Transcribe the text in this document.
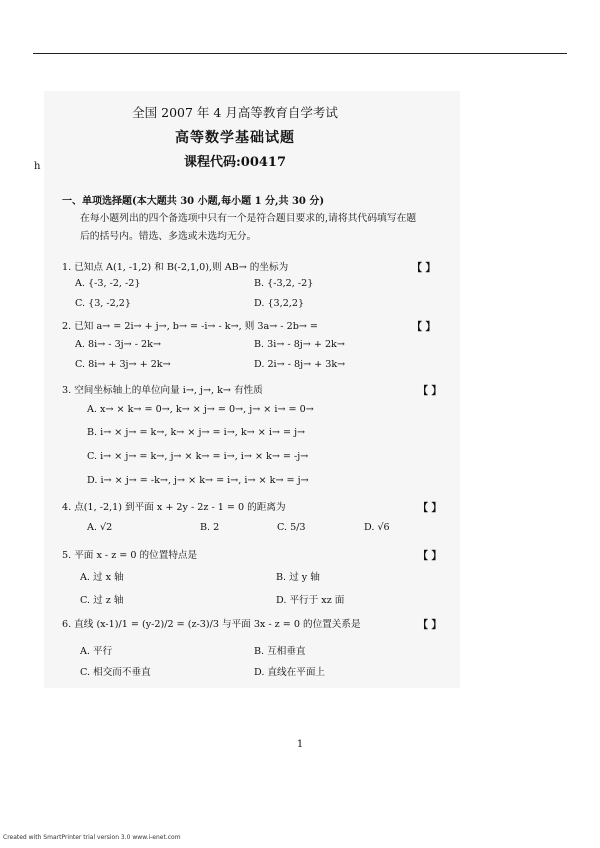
全国 2007 年 4 月高等教育自学考试
高等数学基础试题
课程代码:00417
h
一、单项选择题(本大题共 30 小题,每小题 1 分,共 30 分)
在每小题列出的四个备选项中只有一个是符合题目要求的,请将其代码填写在题
后的括号内。错选、多选或未选均无分。
1. 已知点 A(1, -1,2) 和 B(-2,1,0),则 AB→ 的坐标为	【 】
A. {-3, -2, -2}	B. {-3,2, -2}
C. {3, -2,2}	D. {3,2,2}
2. 已知 a→ = 2i→ + j→, b→ = -i→ - k→, 则 3a→ - 2b→ =	【 】
A. 8i→ - 3j→ - 2k→	B. 3i→ - 8j→ + 2k→
C. 8i→ + 3j→ + 2k→	D. 2i→ - 8j→ + 3k→
3. 空间坐标轴上的单位向量 i→, j→, k→ 有性质	【 】
A. x→ × k→ = 0→, k→ × j→ = 0→, j→ × i→ = 0→
B. i→ × j→ = k→, k→ × j→ = i→, k→ × i→ = j→
C. i→ × j→ = k→, j→ × k→ = i→, i→ × k→ = -j→
D. i→ × j→ = -k→, j→ × k→ = i→, i→ × k→ = j→
4. 点(1, -2,1) 到平面 x + 2y - 2z - 1 = 0 的距离为	【 】
A. √2	B. 2	C. 5/3	D. √6
5. 平面 x - z = 0 的位置特点是	【 】
A. 过 x 轴	B. 过 y 轴
C. 过 z 轴	D. 平行于 xz 面
6. 直线 (x-1)/1 = (y-2)/2 = (z-3)/3 与平面 3x - z = 0 的位置关系是	【 】
A. 平行	B. 互相垂直
C. 相交而不垂直	D. 直线在平面上
1
Created with SmartPrinter trial version 3.0 www.i-enet.com
